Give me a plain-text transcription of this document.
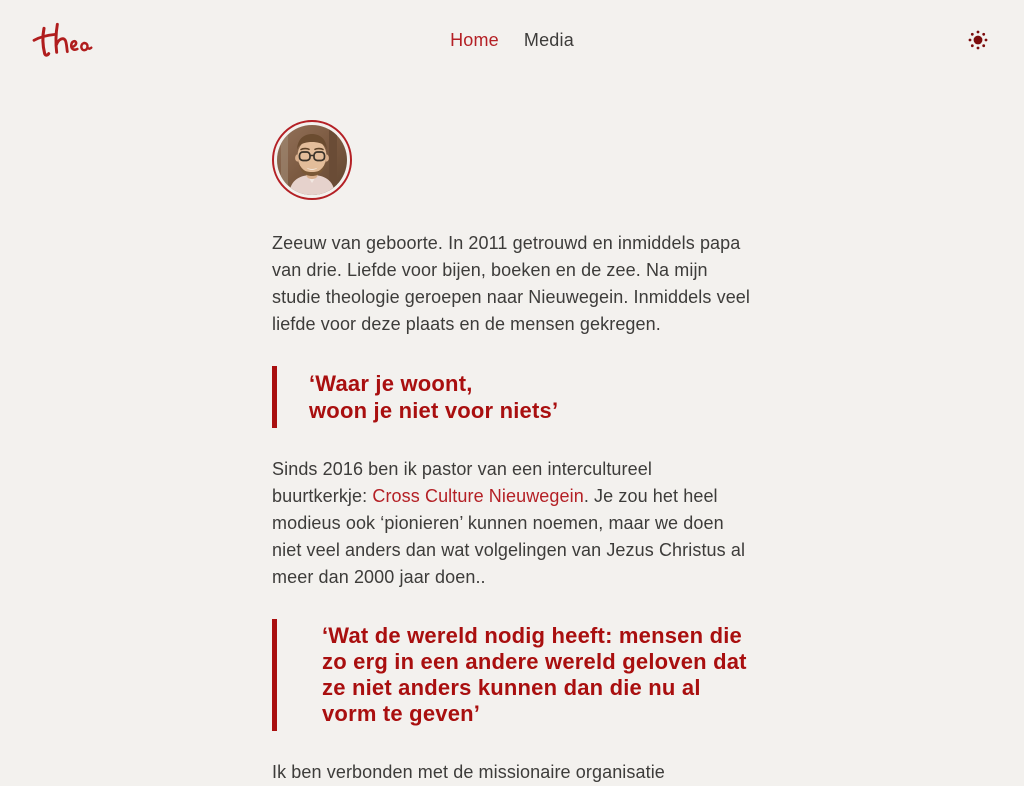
Home Media

Zeeuw van geboorte. In 2011 getrouwd en inmiddels papa van drie. Liefde voor bijen, boeken en de zee. Na mijn studie theologie geroepen naar Nieuwegein. Inmiddels veel liefde voor deze plaats en de mensen gekregen.

‘Waar je woont,
woon je niet voor niets’

Sinds 2016 ben ik pastor van een intercultureel buurtkerkje: Cross Culture Nieuwegein. Je zou het heel modieus ook ‘pionieren’ kunnen noemen, maar we doen niet veel anders dan wat volgelingen van Jezus Christus al meer dan 2000 jaar doen..

‘Wat de wereld nodig heeft: mensen die zo erg in een andere wereld geloven dat ze niet anders kunnen dan die nu al vorm te geven’

Ik ben verbonden met de missionaire organisatie
